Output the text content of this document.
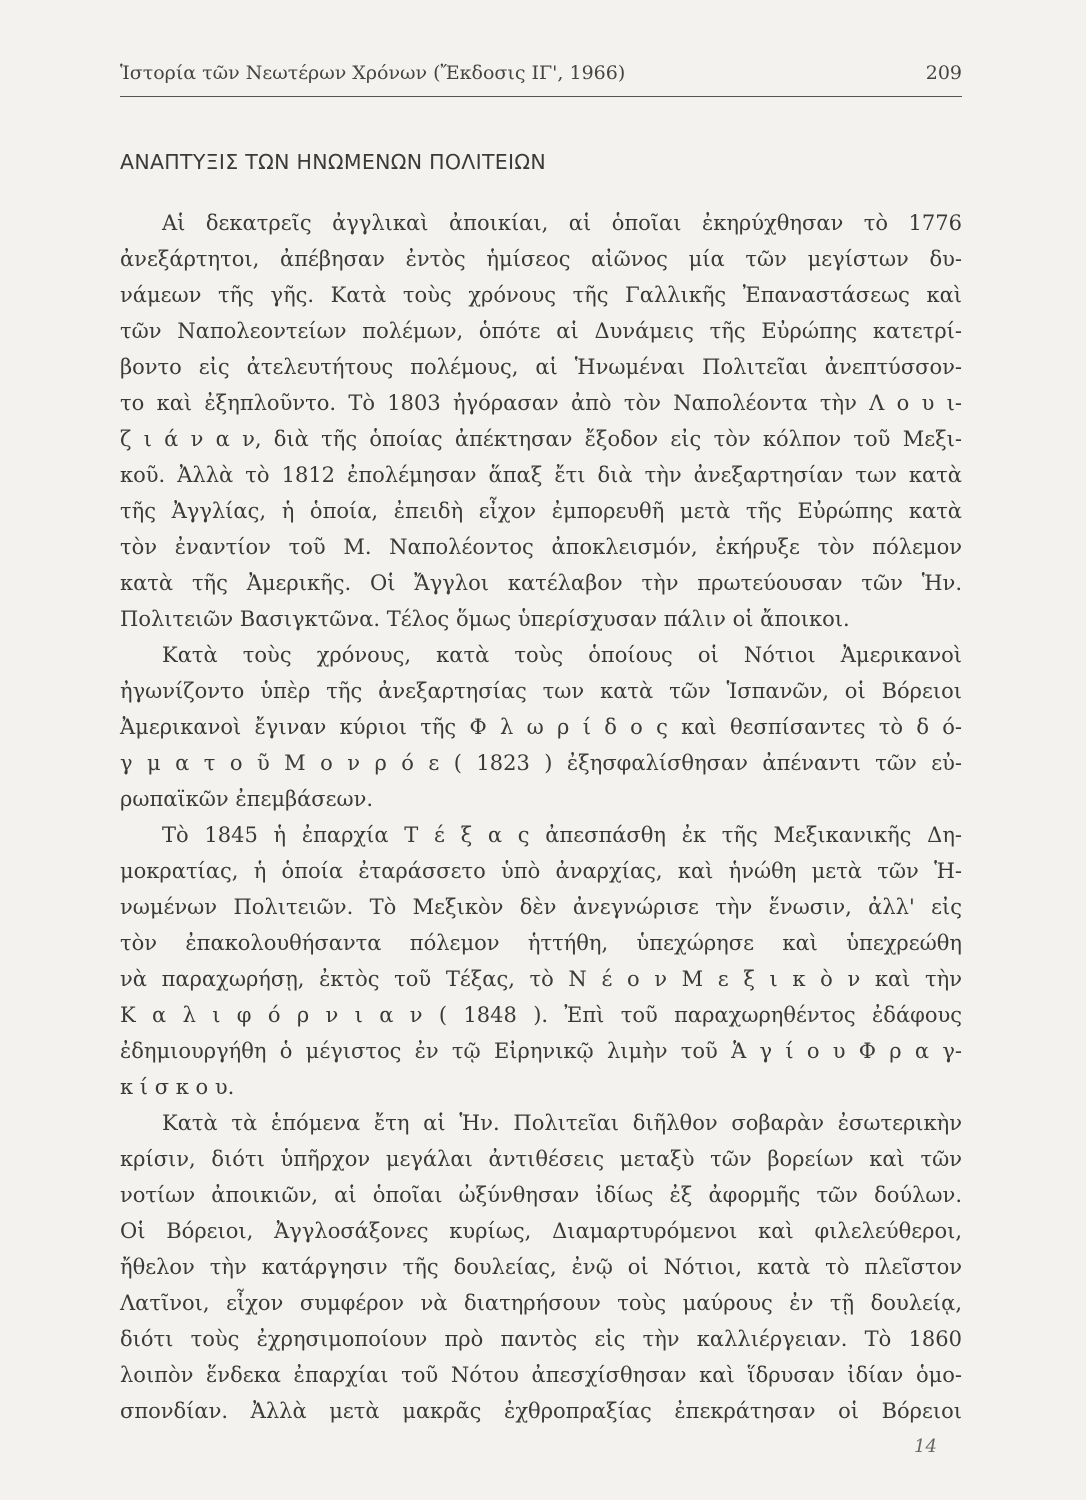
Ἱστορία τῶν Νεωτέρων Χρόνων (Ἔκδοσις ΙΓ', 1966)	209
ΑΝΑΠΤΥΞΙΣ ΤΩΝ ΗΝΩΜΕΝΩΝ ΠΟΛΙΤΕΙΩΝ
Αἱ δεκατρεῖς ἀγγλικαὶ ἀποικίαι, αἱ ὁποῖαι ἐκηρύχθησαν τὸ 1776
ἀνεξάρτητοι, ἀπέβησαν ἐντὸς ἡμίσεος αἰῶνος μία τῶν μεγίστων δυ-
νάμεων τῆς γῆς. Κατὰ τοὺς χρόνους τῆς Γαλλικῆς Ἐπαναστάσεως καὶ
τῶν Ναπολεοντείων πολέμων, ὁπότε αἱ Δυνάμεις τῆς Εὐρώπης κατετρί-
βοντο εἰς ἀτελευτήτους πολέμους, αἱ Ἡνωμέναι Πολιτεῖαι ἀνεπτύσσον-
το καὶ ἐξηπλοῦντο. Τὸ 1803 ἠγόρασαν ἀπὸ τὸν Ναπολέοντα τὴν Λ ο υ ι-
ζ ι ά ν α ν, διὰ τῆς ὁποίας ἀπέκτησαν ἔξοδον εἰς τὸν κόλπον τοῦ Μεξι-
κοῦ. Ἀλλὰ τὸ 1812 ἐπολέμησαν ἅπαξ ἔτι διὰ τὴν ἀνεξαρτησίαν των κατὰ
τῆς Ἀγγλίας, ἡ ὁποία, ἐπειδὴ εἶχον ἐμπορευθῆ μετὰ τῆς Εὐρώπης κατὰ
τὸν ἐναντίον τοῦ Μ. Ναπολέοντος ἀποκλεισμόν, ἐκήρυξε τὸν πόλεμον
κατὰ τῆς Ἀμερικῆς. Οἱ Ἄγγλοι κατέλαβον τὴν πρωτεύουσαν τῶν Ἡν.
Πολιτειῶν Βασιγκτῶνα. Τέλος ὅμως ὑπερίσχυσαν πάλιν οἱ ἄποικοι.
Κατὰ τοὺς χρόνους, κατὰ τοὺς ὁποίους οἱ Νότιοι Ἀμερικανοὶ
ἠγωνίζοντο ὑπὲρ τῆς ἀνεξαρτησίας των κατὰ τῶν Ἱσπανῶν, οἱ Βόρειοι
Ἀμερικανοὶ ἔγιναν κύριοι τῆς Φ λ ω ρ ί δ ο ς καὶ θεσπίσαντες τὸ δ ό-
γ μ α τ ο ῦ Μ ο ν ρ ό ε ( 1823 ) ἐξησφαλίσθησαν ἀπέναντι τῶν εὐ-
ρωπαϊκῶν ἐπεμβάσεων.
Τὸ 1845 ἡ ἐπαρχία Τ έ ξ α ς ἀπεσπάσθη ἐκ τῆς Μεξικανικῆς Δη-
μοκρατίας, ἡ ὁποία ἐταράσσετο ὑπὸ ἀναρχίας, καὶ ἡνώθη μετὰ τῶν Ἡ-
νωμένων Πολιτειῶν. Τὸ Μεξικὸν δὲν ἀνεγνώρισε τὴν ἕνωσιν, ἀλλ' εἰς
τὸν ἐπακολουθήσαντα πόλεμον ἡττήθη, ὑπεχώρησε καὶ ὑπεχρεώθη
νὰ παραχωρήσῃ, ἐκτὸς τοῦ Τέξας, τὸ Ν έ ο ν Μ ε ξ ι κ ὸ ν καὶ τὴν
Κ α λ ι φ ό ρ ν ι α ν ( 1848 ). Ἐπὶ τοῦ παραχωρηθέντος ἐδάφους
ἐδημιουργήθη ὁ μέγιστος ἐν τῷ Εἰρηνικῷ λιμὴν τοῦ Ἁ γ ί ο υ Φ ρ α γ-
κ ί σ κ ο υ.
Κατὰ τὰ ἑπόμενα ἔτη αἱ Ἡν. Πολιτεῖαι διῆλθον σοβαρὰν ἐσωτερικὴν
κρίσιν, διότι ὑπῆρχον μεγάλαι ἀντιθέσεις μεταξὺ τῶν βορείων καὶ τῶν
νοτίων ἀποικιῶν, αἱ ὁποῖαι ὠξύνθησαν ἰδίως ἐξ ἀφορμῆς τῶν δούλων.
Οἱ Βόρειοι, Ἀγγλοσάξονες κυρίως, Διαμαρτυρόμενοι καὶ φιλελεύθεροι,
ἤθελον τὴν κατάργησιν τῆς δουλείας, ἐνῷ οἱ Νότιοι, κατὰ τὸ πλεῖστον
Λατῖνοι, εἶχον συμφέρον νὰ διατηρήσουν τοὺς μαύρους ἐν τῇ δουλείᾳ,
διότι τοὺς ἐχρησιμοποίουν πρὸ παντὸς εἰς τὴν καλλιέργειαν. Τὸ 1860
λοιπὸν ἕνδεκα ἐπαρχίαι τοῦ Νότου ἀπεσχίσθησαν καὶ ἵδρυσαν ἰδίαν ὁμο-
σπονδίαν. Ἀλλὰ μετὰ μακρᾶς ἐχθροπραξίας ἐπεκράτησαν οἱ Βόρειοι
14
